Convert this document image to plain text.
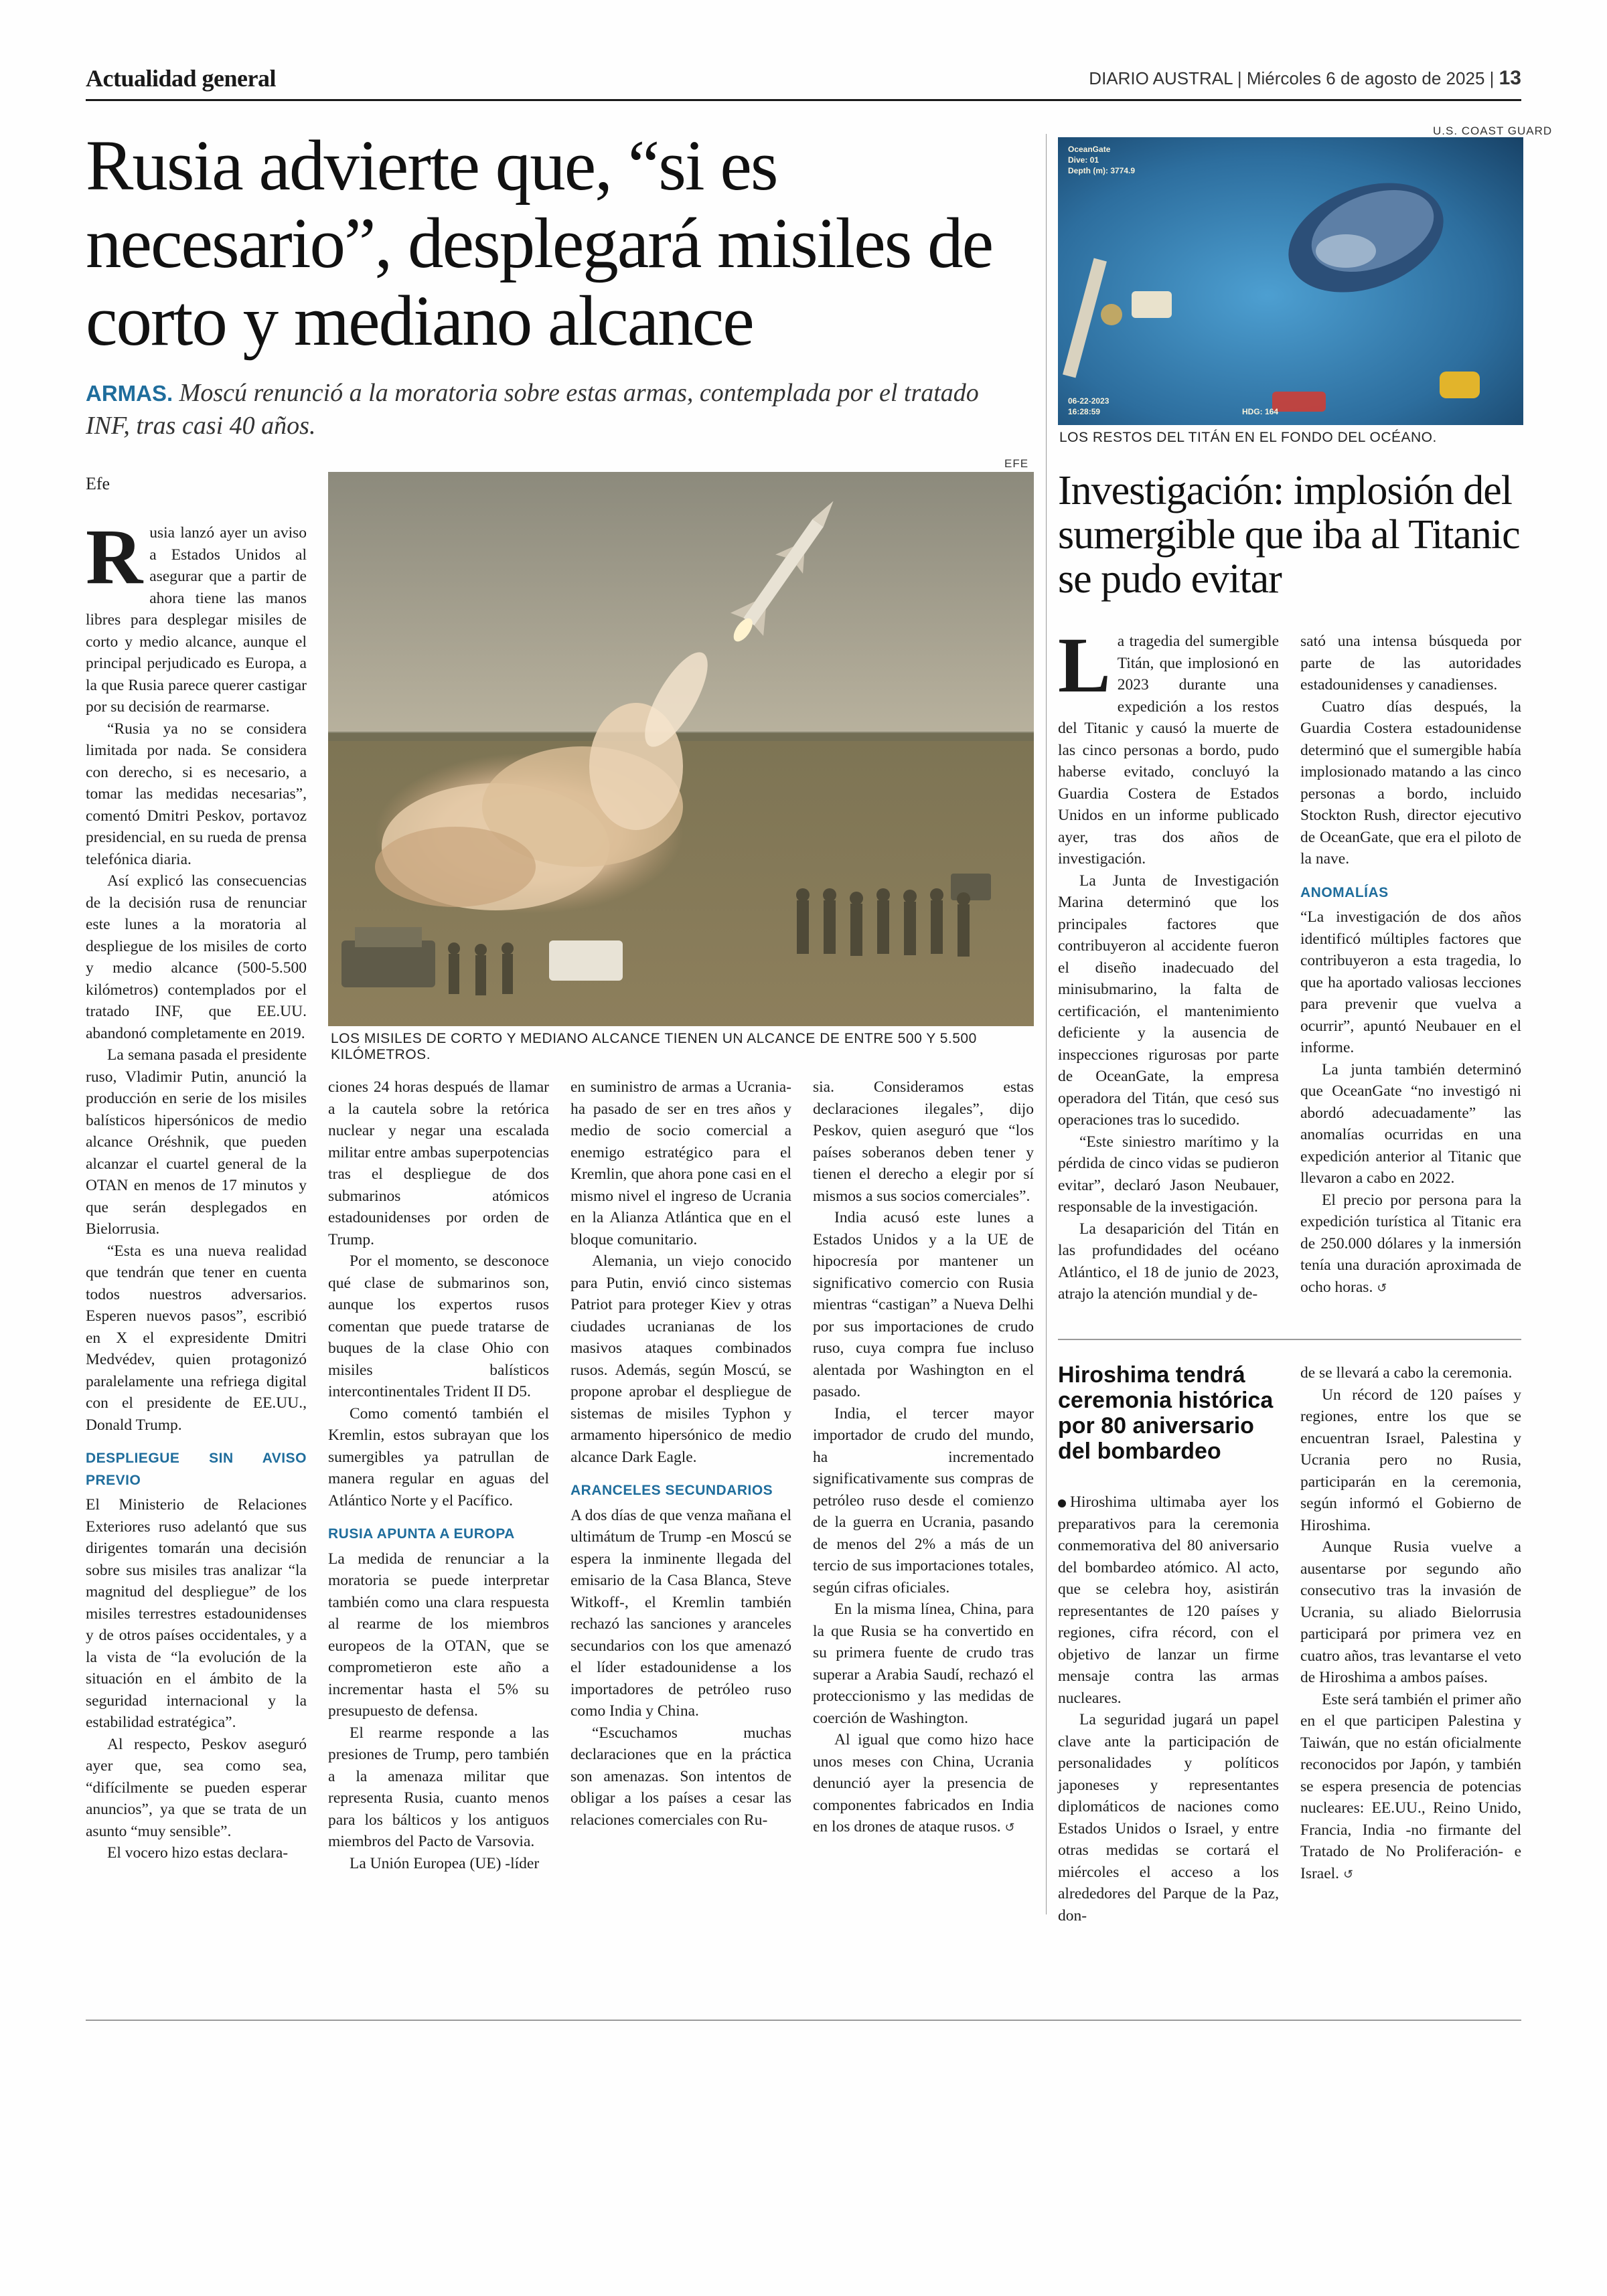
Actualidad general	DIARIO AUSTRAL | Miércoles 6 de agosto de 2025 | 13
Rusia advierte que, “si es necesario”, desplegará misiles de corto y mediano alcance
ARMAS. Moscú renunció a la moratoria sobre estas armas, contemplada por el tratado INF, tras casi 40 años.
Efe
EFE
LOS MISILES DE CORTO Y MEDIANO ALCANCE TIENEN UN ALCANCE DE ENTRE 500 Y 5.500 KILÓMETROS.

Rusia lanzó ayer un aviso a Estados Unidos al asegurar que a partir de ahora tiene las manos libres para desplegar misiles de corto y medio alcance, aunque el principal perjudicado es Europa, a la que Rusia parece querer castigar por su decisión de rearmarse.

“Rusia ya no se considera limitada por nada. Se considera con derecho, si es necesario, a tomar las medidas necesarias”, comentó Dmitri Peskov, portavoz presidencial, en su rueda de prensa telefónica diaria.

Así explicó las consecuencias de la decisión rusa de renunciar este lunes a la moratoria al despliegue de los misiles de corto y medio alcance (500-5.500 kilómetros) contemplados por el tratado INF, que EE.UU. abandonó completamente en 2019.

La semana pasada el presidente ruso, Vladimir Putin, anunció la producción en serie de los misiles balísticos hipersónicos de medio alcance Oréshnik, que pueden alcanzar el cuartel general de la OTAN en menos de 17 minutos y que serán desplegados en Bielorrusia.

“Esta es una nueva realidad que tendrán que tener en cuenta todos nuestros adversarios. Esperen nuevos pasos”, escribió en X el expresidente Dmitri Medvédev, quien protagonizó paralelamente una refriega digital con el presidente de EE.UU., Donald Trump.

DESPLIEGUE SIN AVISO PREVIO

El Ministerio de Relaciones Exteriores ruso adelantó que sus dirigentes tomarán una decisión sobre sus misiles tras analizar “la magnitud del despliegue” de los misiles terrestres estadounidenses y de otros países occidentales, y a la vista de “la evolución de la situación en el ámbito de la seguridad internacional y la estabilidad estratégica”.

Al respecto, Peskov aseguró ayer que, sea como sea, “difícilmente se pueden esperar anuncios”, ya que se trata de un asunto “muy sensible”.

El vocero hizo estas declara-

ciones 24 horas después de llamar a la cautela sobre la retórica nuclear y negar una escalada militar entre ambas superpotencias tras el despliegue de dos submarinos atómicos estadounidenses por orden de Trump.

Por el momento, se desconoce qué clase de submarinos son, aunque los expertos rusos comentan que puede tratarse de buques de la clase Ohio con misiles balísticos intercontinentales Trident II D5.

Como comentó también el Kremlin, estos subrayan que los sumergibles ya patrullan de manera regular en aguas del Atlántico Norte y el Pacífico.

RUSIA APUNTA A EUROPA

La medida de renunciar a la moratoria se puede interpretar también como una clara respuesta al rearme de los miembros europeos de la OTAN, que se comprometieron este año a incrementar hasta el 5% su presupuesto de defensa.

El rearme responde a las presiones de Trump, pero también a la amenaza militar que representa Rusia, cuanto menos para los bálticos y los antiguos miembros del Pacto de Varsovia.

La Unión Europea (UE) -líder

en suministro de armas a Ucrania- ha pasado de ser en tres años y medio de socio comercial a enemigo estratégico para el Kremlin, que ahora pone casi en el mismo nivel el ingreso de Ucrania en la Alianza Atlántica que en el bloque comunitario.

Alemania, un viejo conocido para Putin, envió cinco sistemas Patriot para proteger Kiev y otras ciudades ucranianas de los masivos ataques combinados rusos. Además, según Moscú, se propone aprobar el despliegue de sistemas de misiles Typhon y armamento hipersónico de medio alcance Dark Eagle.

ARANCELES SECUNDARIOS

A dos días de que venza mañana el ultimátum de Trump -en Moscú se espera la inminente llegada del emisario de la Casa Blanca, Steve Witkoff-, el Kremlin también rechazó las sanciones y aranceles secundarios con los que amenazó el líder estadounidense a los importadores de petróleo ruso como India y China.

“Escuchamos muchas declaraciones que en la práctica son amenazas. Son intentos de obligar a los países a cesar las relaciones comerciales con Ru-

sia. Consideramos estas declaraciones ilegales”, dijo Peskov, quien aseguró que “los países soberanos deben tener y tienen el derecho a elegir por sí mismos a sus socios comerciales”.

India acusó este lunes a Estados Unidos y a la UE de hipocresía por mantener un significativo comercio con Rusia mientras “castigan” a Nueva Delhi por sus importaciones de crudo ruso, cuya compra fue incluso alentada por Washington en el pasado.

India, el tercer mayor importador de crudo del mundo, ha incrementado significativamente sus compras de petróleo ruso desde el comienzo de la guerra en Ucrania, pasando de menos del 2% a más de un tercio de sus importaciones totales, según cifras oficiales.

En la misma línea, China, para la que Rusia se ha convertido en su primera fuente de crudo tras superar a Arabia Saudí, rechazó el proteccionismo y las medidas de coerción de Washington.

Al igual que como hizo hace unos meses con China, Ucrania denunció ayer la presencia de componentes fabricados en India en los drones de ataque rusos. ↺

U.S. COAST GUARD
OceanGate
Dive: 01
Depth (m): 3774.9
06-22-2023
16:28:59	HDG: 164
LOS RESTOS DEL TITÁN EN EL FONDO DEL OCÉANO.
Investigación: implosión del sumergible que iba al Titanic se pudo evitar

La tragedia del sumergible Titán, que implosionó en 2023 durante una expedición a los restos del Titanic y causó la muerte de las cinco personas a bordo, pudo haberse evitado, concluyó la Guardia Costera de Estados Unidos en un informe publicado ayer, tras dos años de investigación.

La Junta de Investigación Marina determinó que los principales factores que contribuyeron al accidente fueron el diseño inadecuado del minisubmarino, la falta de certificación, el mantenimiento deficiente y la ausencia de inspecciones rigurosas por parte de OceanGate, la empresa operadora del Titán, que cesó sus operaciones tras lo sucedido.

“Este siniestro marítimo y la pérdida de cinco vidas se pudieron evitar”, declaró Jason Neubauer, responsable de la investigación.

La desaparición del Titán en las profundidades del océano Atlántico, el 18 de junio de 2023, atrajo la atención mundial y de-

sató una intensa búsqueda por parte de las autoridades estadounidenses y canadienses.

Cuatro días después, la Guardia Costera estadounidense determinó que el sumergible había implosionado matando a las cinco personas a bordo, incluido Stockton Rush, director ejecutivo de OceanGate, que era el piloto de la nave.

ANOMALÍAS

“La investigación de dos años identificó múltiples factores que contribuyeron a esta tragedia, lo que ha aportado valiosas lecciones para prevenir que vuelva a ocurrir”, apuntó Neubauer en el informe.

La junta también determinó que OceanGate “no investigó ni abordó adecuadamente” las anomalías ocurridas en una expedición anterior al Titanic que llevaron a cabo en 2022.

El precio por persona para la expedición turística al Titanic era de 250.000 dólares y la inmersión tenía una duración aproximada de ocho horas. ↺

Hiroshima tendrá ceremonia histórica por 80 aniversario del bombardeo

Hiroshima ultimaba ayer los preparativos para la ceremonia conmemorativa del 80 aniversario del bombardeo atómico. Al acto, que se celebra hoy, asistirán representantes de 120 países y regiones, cifra récord, con el objetivo de lanzar un firme mensaje contra las armas nucleares.

La seguridad jugará un papel clave ante la participación de personalidades y políticos japoneses y representantes diplomáticos de naciones como Estados Unidos o Israel, y entre otras medidas se cortará el miércoles el acceso a los alrededores del Parque de la Paz, don-

de se llevará a cabo la ceremonia.

Un récord de 120 países y regiones, entre los que se encuentran Israel, Palestina y Ucrania pero no Rusia, participarán en la ceremonia, según informó el Gobierno de Hiroshima.

Aunque Rusia vuelve a ausentarse por segundo año consecutivo tras la invasión de Ucrania, su aliado Bielorrusia participará por primera vez en cuatro años, tras levantarse el veto de Hiroshima a ambos países.

Este será también el primer año en el que participen Palestina y Taiwán, que no están oficialmente reconocidos por Japón, y también se espera presencia de potencias nucleares: EE.UU., Reino Unido, Francia, India -no firmante del Tratado de No Proliferación- e Israel. ↺
